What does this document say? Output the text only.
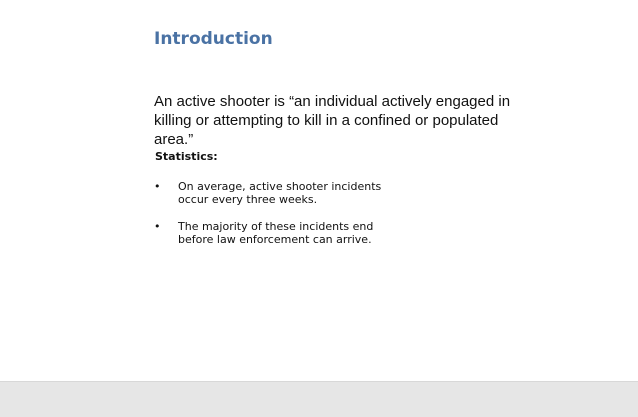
Introduction

An active shooter is “an individual actively engaged in killing or attempting to kill in a confined or populated area.”

Statistics:

•	On average, active shooter incidents occur every three weeks.
•	The majority of these incidents end before law enforcement can arrive.
